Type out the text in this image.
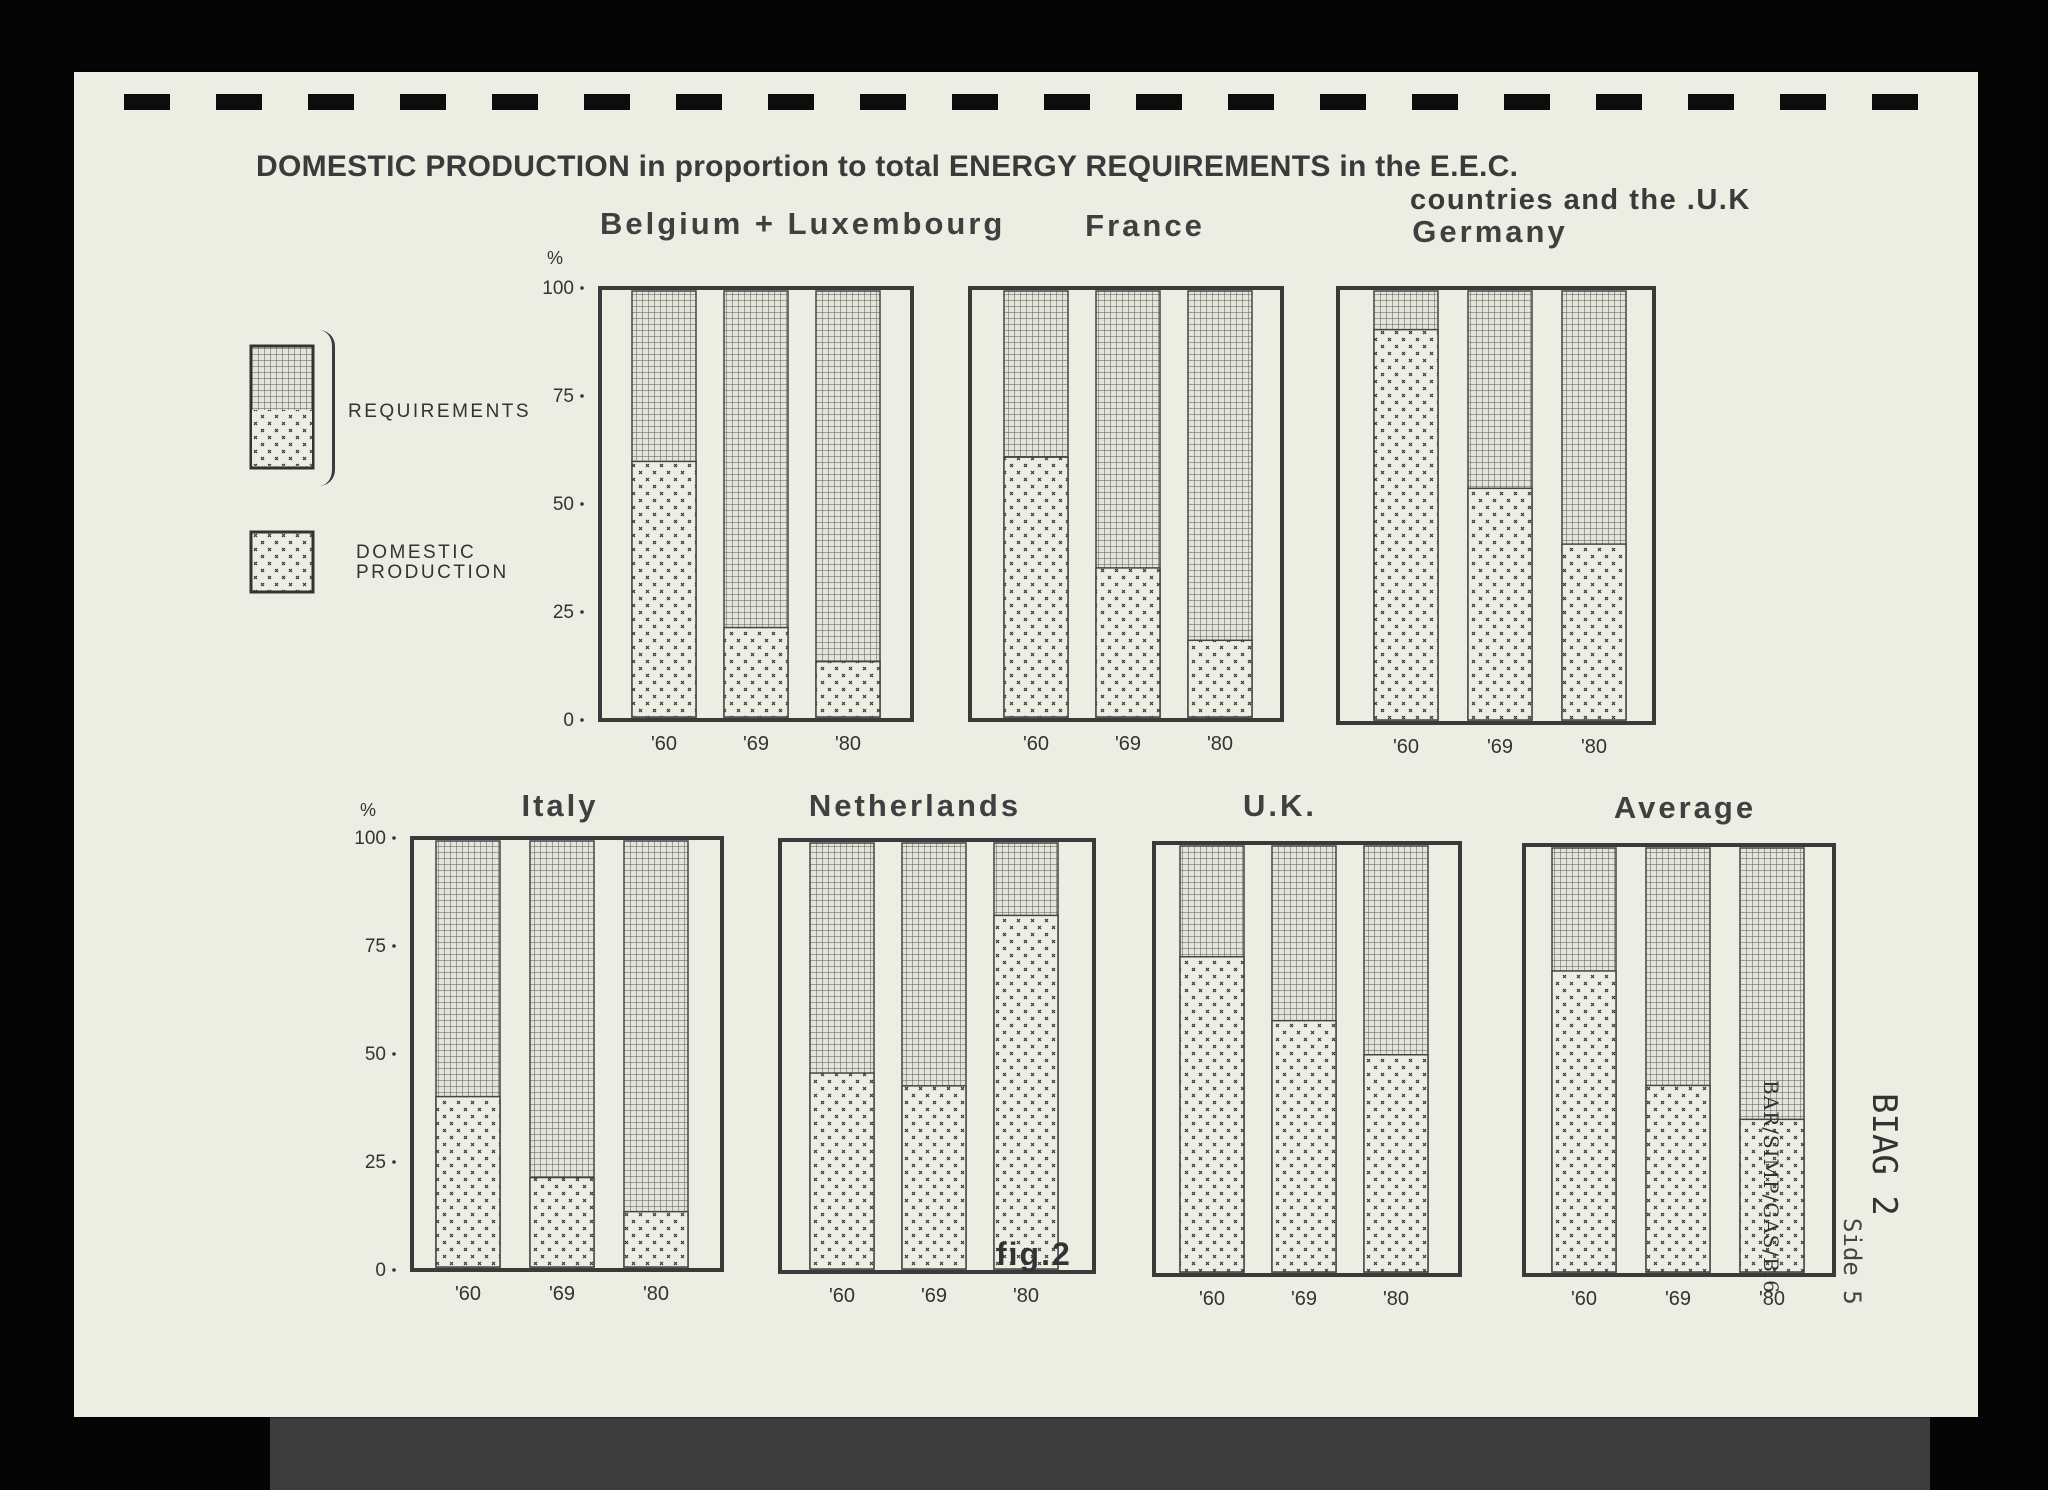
DOMESTIC PRODUCTION in proportion to total ENERGY REQUIREMENTS in the E.E.C.
countries and the .U.K
100
75
50
25
0
100
75
50
25
0
'60	'69	'80	'60	'69	'80	'60	'69	'80
'60	'69	'80	'60	'69	'80	'60	'69	'80	'60	'69	'80
REQUIREMENTS
DOMESTIC
PRODUCTION
%
%
Belgium + Luxembourg	France	Germany
Italy	Netherlands	U.K.	Average
fig.2	BAR/SIMP/GAS/B.6 BIAG 2
Side 5
